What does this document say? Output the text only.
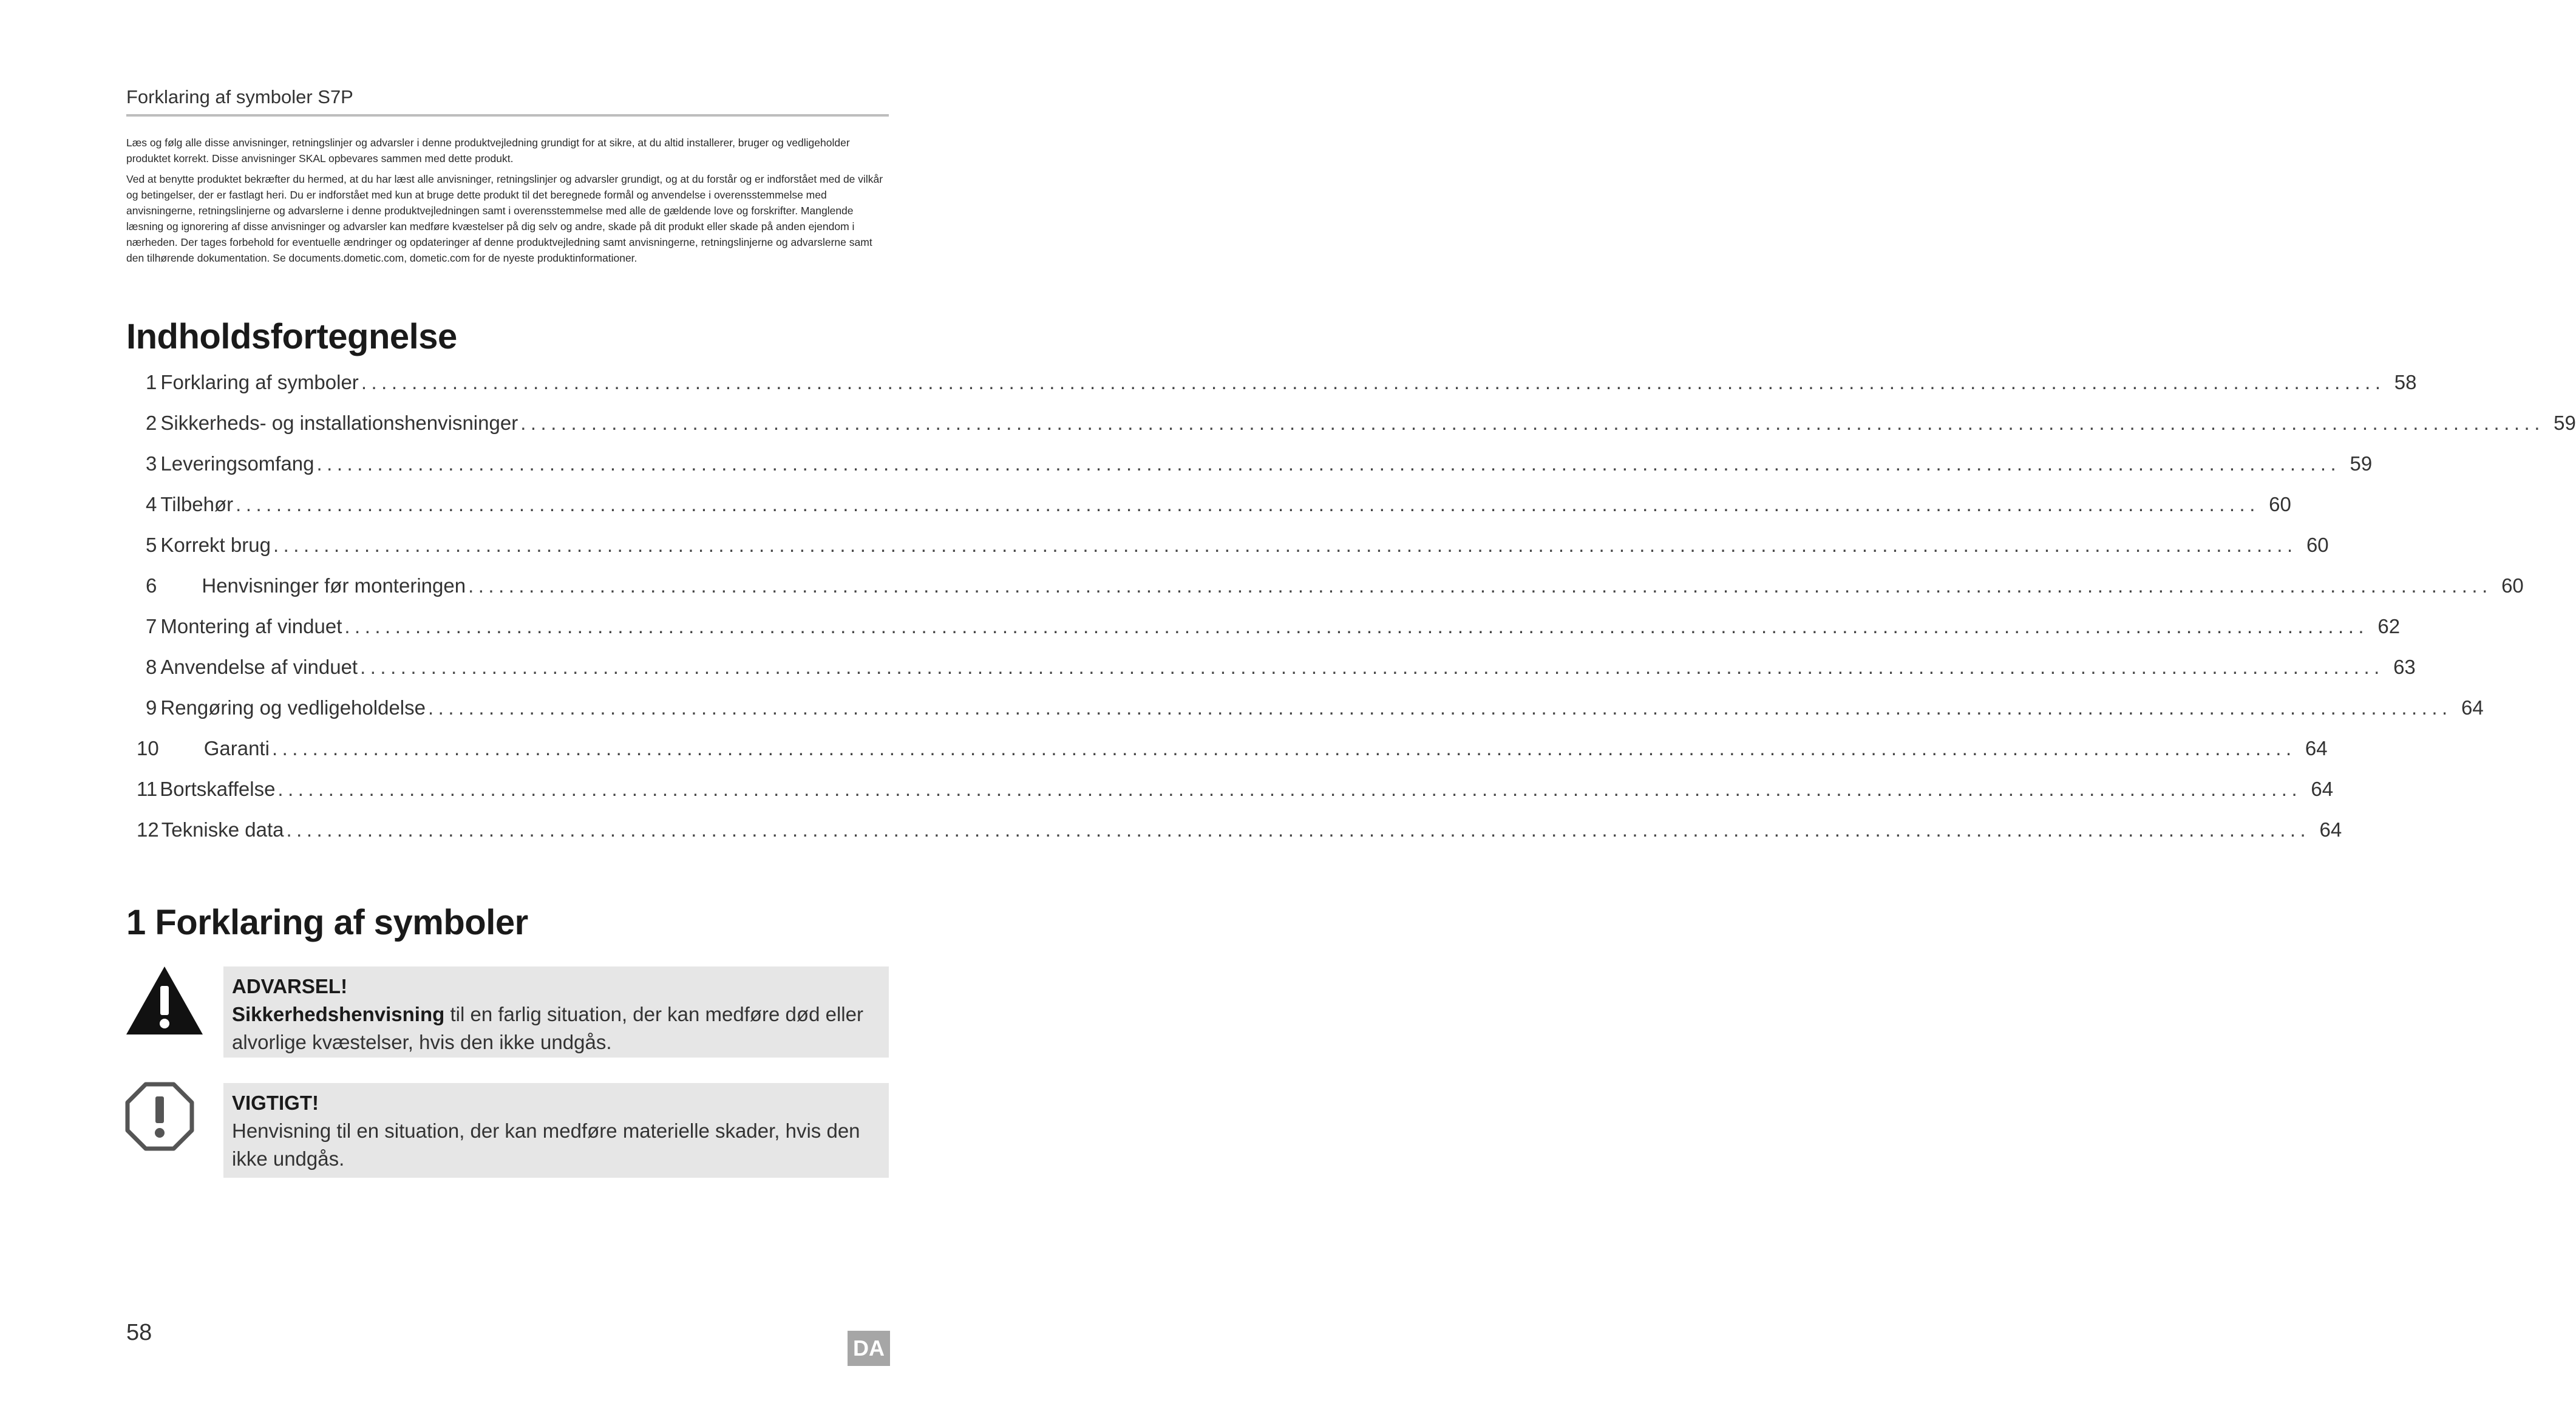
Forklaring af symboler S7P

Læs og følg alle disse anvisninger, retningslinjer og advarsler i denne produktvejledning grundigt for at sikre, at du altid installerer, bruger og vedligeholder produktet korrekt. Disse anvisninger SKAL opbevares sammen med dette produkt.

Ved at benytte produktet bekræfter du hermed, at du har læst alle anvisninger, retningslinjer og advarsler grundigt, og at du forstår og er indforstået med de vilkår og betingelser, der er fastlagt heri. Du er indforstået med kun at bruge dette produkt til det beregnede formål og anvendelse i overensstemmelse med anvisningerne, retningslinjerne og advarslerne i denne produktvejledningen samt i overensstemmelse med alle de gældende love og forskrifter. Manglende læsning og ignorering af disse anvisninger og advarsler kan medføre kvæstelser på dig selv og andre, skade på dit produkt eller skade på anden ejendom i nærheden. Der tages forbehold for eventuelle ændringer og opdateringer af denne produktvejledning samt anvisningerne, retningslinjerne og advarslerne samt den tilhørende dokumentation. Se documents.dometic.com, dometic.com for de nyeste produktinformationer.

Indholdsfortegnelse
1 Forklaring af symboler ........................................................................................................................................................................................................ 58
2 Sikkerheds- og installationshenvisninger ........................................................................................................................................................................................................ 59
3 Leveringsomfang ........................................................................................................................................................................................................ 59
4 Tilbehør ........................................................................................................................................................................................................ 60
5 Korrekt brug ........................................................................................................................................................................................................ 60
6 Henvisninger før monteringen ........................................................................................................................................................................................................ 60
7 Montering af vinduet ........................................................................................................................................................................................................ 62
8 Anvendelse af vinduet ........................................................................................................................................................................................................ 63
9 Rengøring og vedligeholdelse ........................................................................................................................................................................................................ 64
10 Garanti ........................................................................................................................................................................................................ 64
11 Bortskaffelse ........................................................................................................................................................................................................ 64
12 Tekniske data ........................................................................................................................................................................................................ 64
1 Forklaring af symboler
ADVARSEL!
Sikkerhedshenvisning til en farlig situation, der kan medføre død eller alvorlige kvæstelser, hvis den ikke undgås.
VIGTIGT!
Henvisning til en situation, der kan medføre materielle skader, hvis den ikke undgås.
58
DA
